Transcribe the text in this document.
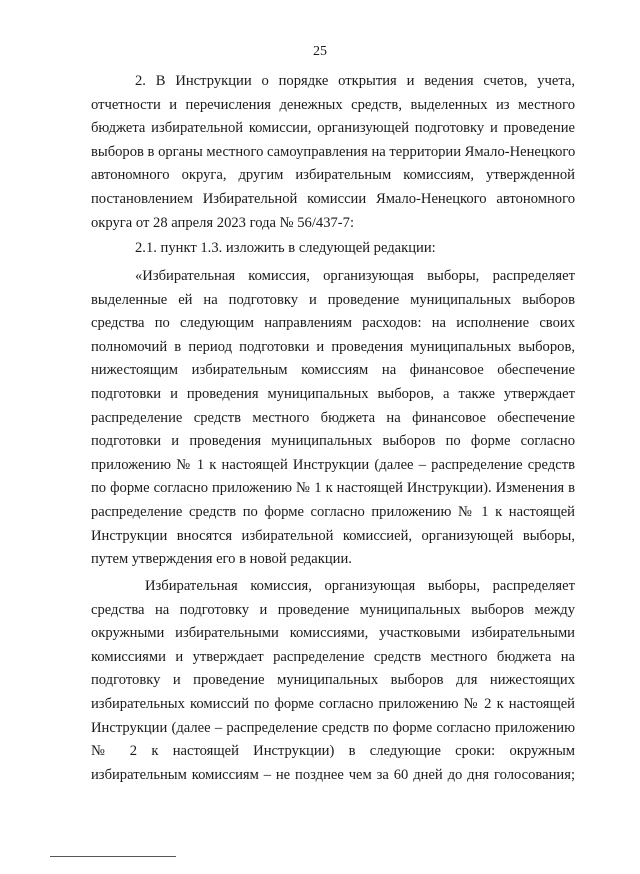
25
2. В Инструкции о порядке открытия и ведения счетов, учета,
отчетности и перечисления денежных средств, выделенных из местного
бюджета избирательной комиссии, организующей подготовку и проведение
выборов в органы местного самоуправления на территории Ямало-Ненецкого
автономного округа, другим избирательным комиссиям, утвержденной
постановлением Избирательной комиссии Ямало-Ненецкого автономного
округа от 28 апреля 2023 года № 56/437-7:
2.1. пункт 1.3. изложить в следующей редакции:
«Избирательная комиссия, организующая выборы, распределяет
выделенные ей на подготовку и проведение муниципальных выборов
средства по следующим направлениям расходов: на исполнение своих
полномочий в период подготовки и проведения муниципальных выборов,
нижестоящим избирательным комиссиям на финансовое обеспечение
подготовки и проведения муниципальных выборов, а также утверждает
распределение средств местного бюджета на финансовое обеспечение
подготовки и проведения муниципальных выборов по форме согласно
приложению № 1 к настоящей Инструкции (далее – распределение средств
по форме согласно приложению № 1 к настоящей Инструкции). Изменения в
распределение средств по форме согласно приложению № 1 к настоящей
Инструкции вносятся избирательной комиссией, организующей выборы,
путем утверждения его в новой редакции.
Избирательная комиссия, организующая выборы, распределяет
средства на подготовку и проведение муниципальных выборов между
окружными избирательными комиссиями, участковыми избирательными
комиссиями и утверждает распределение средств местного бюджета на
подготовку и проведение муниципальных выборов для нижестоящих
избирательных комиссий по форме согласно приложению № 2 к настоящей
Инструкции (далее – распределение средств по форме согласно приложению
№ 2 к настоящей Инструкции) в следующие сроки: окружным
избирательным комиссиям – не позднее чем за 60 дней до дня голосования;
